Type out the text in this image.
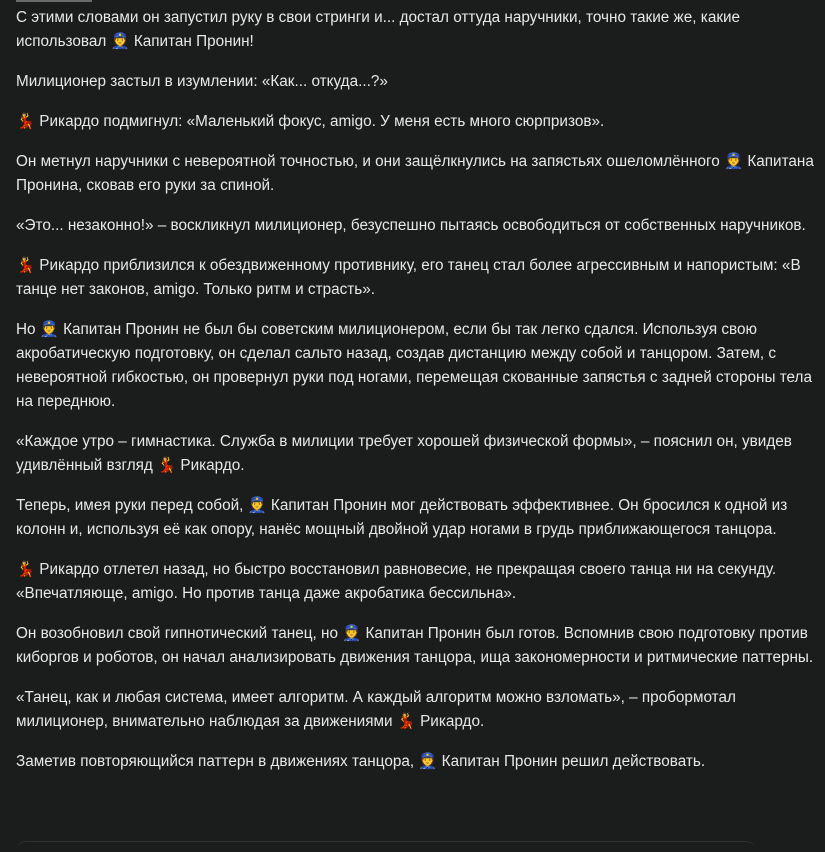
С этими словами он запустил руку в свои стринги и... достал оттуда наручники, точно такие же, какие использовал 👮 Капитан Пронин!

Милиционер застыл в изумлении: «Как... откуда...?»

💃 Рикардо подмигнул: «Маленький фокус, amigo. У меня есть много сюрпризов».

Он метнул наручники с невероятной точностью, и они защёлкнулись на запястьях ошеломлённого 👮 Капитана Пронина, сковав его руки за спиной.

«Это... незаконно!» – воскликнул милиционер, безуспешно пытаясь освободиться от собственных наручников.

💃 Рикардо приблизился к обездвиженному противнику, его танец стал более агрессивным и напористым: «В танце нет законов, amigo. Только ритм и страсть».

Но 👮 Капитан Пронин не был бы советским милиционером, если бы так легко сдался. Используя свою акробатическую подготовку, он сделал сальто назад, создав дистанцию между собой и танцором. Затем, с невероятной гибкостью, он провернул руки под ногами, перемещая скованные запястья с задней стороны тела на переднюю.

«Каждое утро – гимнастика. Служба в милиции требует хорошей физической формы», – пояснил он, увидев удивлённый взгляд 💃 Рикардо.

Теперь, имея руки перед собой, 👮 Капитан Пронин мог действовать эффективнее. Он бросился к одной из колонн и, используя её как опору, нанёс мощный двойной удар ногами в грудь приближающегося танцора.

💃 Рикардо отлетел назад, но быстро восстановил равновесие, не прекращая своего танца ни на секунду. «Впечатляюще, amigo. Но против танца даже акробатика бессильна».

Он возобновил свой гипнотический танец, но 👮 Капитан Пронин был готов. Вспомнив свою подготовку против киборгов и роботов, он начал анализировать движения танцора, ища закономерности и ритмические паттерны.

«Танец, как и любая система, имеет алгоритм. А каждый алгоритм можно взломать», – пробормотал милиционер, внимательно наблюдая за движениями 💃 Рикардо.

Заметив повторяющийся паттерн в движениях танцора, 👮 Капитан Пронин решил действовать.
